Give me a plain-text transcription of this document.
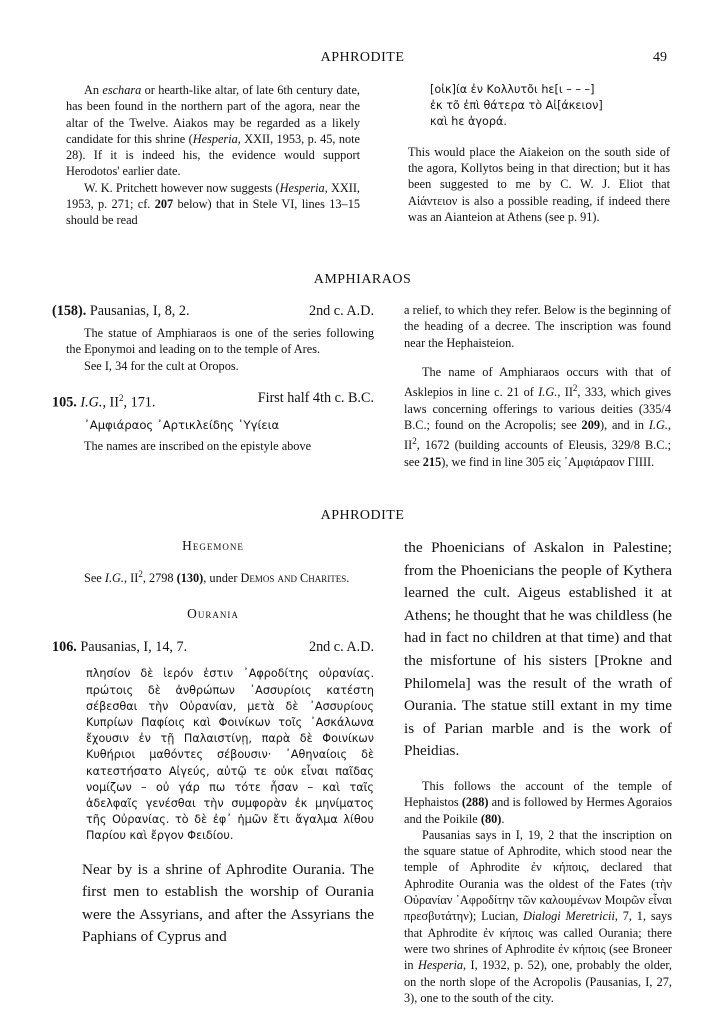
APHRODITE	49

An eschara or hearth-like altar, of late 6th century date, has been found in the northern part of the agora, near the altar of the Twelve. Aiakos may be regarded as a likely candidate for this shrine (Hesperia, XXII, 1953, p. 45, note 28). If it is indeed his, the evidence would support Herodotos' earlier date.

W. K. Pritchett however now suggests (Hesperia, XXII, 1953, p. 271; cf. 207 below) that in Stele VI, lines 13–15 should be read

[οἰκ]ία ἐν Κολλυτõι hε[ι – – –]
ἐκ τõ ἐπὶ θάτερα τὸ Αἰ[άκειον]
καὶ hε ἀγορά.

This would place the Aiakeion on the south side of the agora, Kollytos being in that direction; but it has been suggested to me by C. W. J. Eliot that Αἰάντειον is also a possible reading, if indeed there was an Aianteion at Athens (see p. 91).

AMPHIARAOS
(158). Pausanias, I, 8, 2.	2nd c. A.D.

The statue of Amphiaraos is one of the series following the Eponymoi and leading on to the temple of Ares.

See I, 34 for the cult at Oropos.

105. I.G., $II^2$, 171.	First half 4th c. B.C.

᾿Αμφιάραος ᾿Αρτικλείδης ῾Υγίεια

The names are inscribed on the epistyle above

a relief, to which they refer. Below is the beginning of the heading of a decree. The inscription was found near the Hephaisteion.

The name of Amphiaraos occurs with that of Asklepios in line c. 21 of I.G., $II^2$, 333, which gives laws concerning offerings to various deities (335/4 B.C.; found on the Acropolis; see 209), and in I.G., $II^2$, 1672 (building accounts of Eleusis, 329/8 B.C.; see 215), we find in line 305 εἰς ᾿Αμφιάραον ΓΙΙΙΙ.

APHRODITE
Hegemone

See I.G., $II^2$, 2798 (130), under Demos and Charites.

Ourania
106. Pausanias, I, 14, 7.	2nd c. A.D.

πλησίον δὲ ἱερόν ἐστιν ᾿Αφροδίτης οὐρανίας. πρώτοις δὲ ἀνθρώπων ᾿Ασσυρίοις κατέστη σέβεσθαι τὴν Οὐρανίαν, μετὰ δὲ ᾿Ασσυρίους Κυπρίων Παφίοις καὶ Φοινίκων τοῖς ᾿Ασκάλωνα ἔχουσιν ἐν τῇ Παλαιστίνῃ, παρὰ δὲ Φοινίκων Κυθήριοι μαθόντες σέβουσιν· ᾿Αθηναίοις δὲ κατεστήσατο Αἰγεύς, αὐτῷ τε οὐκ εἶναι παῖδας νομίζων – οὐ γάρ πω τότε ἦσαν – καὶ ταῖς ἀδελφαῖς γενέσθαι τὴν συμφορὰν ἐκ μηνίματος τῆς Οὐρανίας. τὸ δὲ ἐφ᾿ ἡμῶν ἔτι ἄγαλμα λίθου Παρίου καὶ ἔργον Φειδίου.

Near by is a shrine of Aphrodite Ourania. The first men to establish the worship of Ourania were the Assyrians, and after the Assyrians the Paphians of Cyprus and

the Phoenicians of Askalon in Palestine; from the Phoenicians the people of Kythera learned the cult. Aigeus established it at Athens; he thought that he was childless (he had in fact no children at that time) and that the misfortune of his sisters [Prokne and Philomela] was the result of the wrath of Ourania. The statue still extant in my time is of Parian marble and is the work of Pheidias.

This follows the account of the temple of Hephaistos (288) and is followed by Hermes Agoraios and the Poikile (80).

Pausanias says in I, 19, 2 that the inscription on the square statue of Aphrodite, which stood near the temple of Aphrodite ἐν κήποις, declared that Aphrodite Ourania was the oldest of the Fates (τὴν Οὐρανίαν ᾿Αφροδίτην τῶν καλουμένων Μοιρῶν εἶναι πρεσβυτάτην); Lucian, Dialogi Meretricii, 7, 1, says that Aphrodite ἐν κήποις was called Ourania; there were two shrines of Aphrodite ἐν κήποις (see Broneer in Hesperia, I, 1932, p. 52), one, probably the older, on the north slope of the Acropolis (Pausanias, I, 27, 3), one to the south of the city.
